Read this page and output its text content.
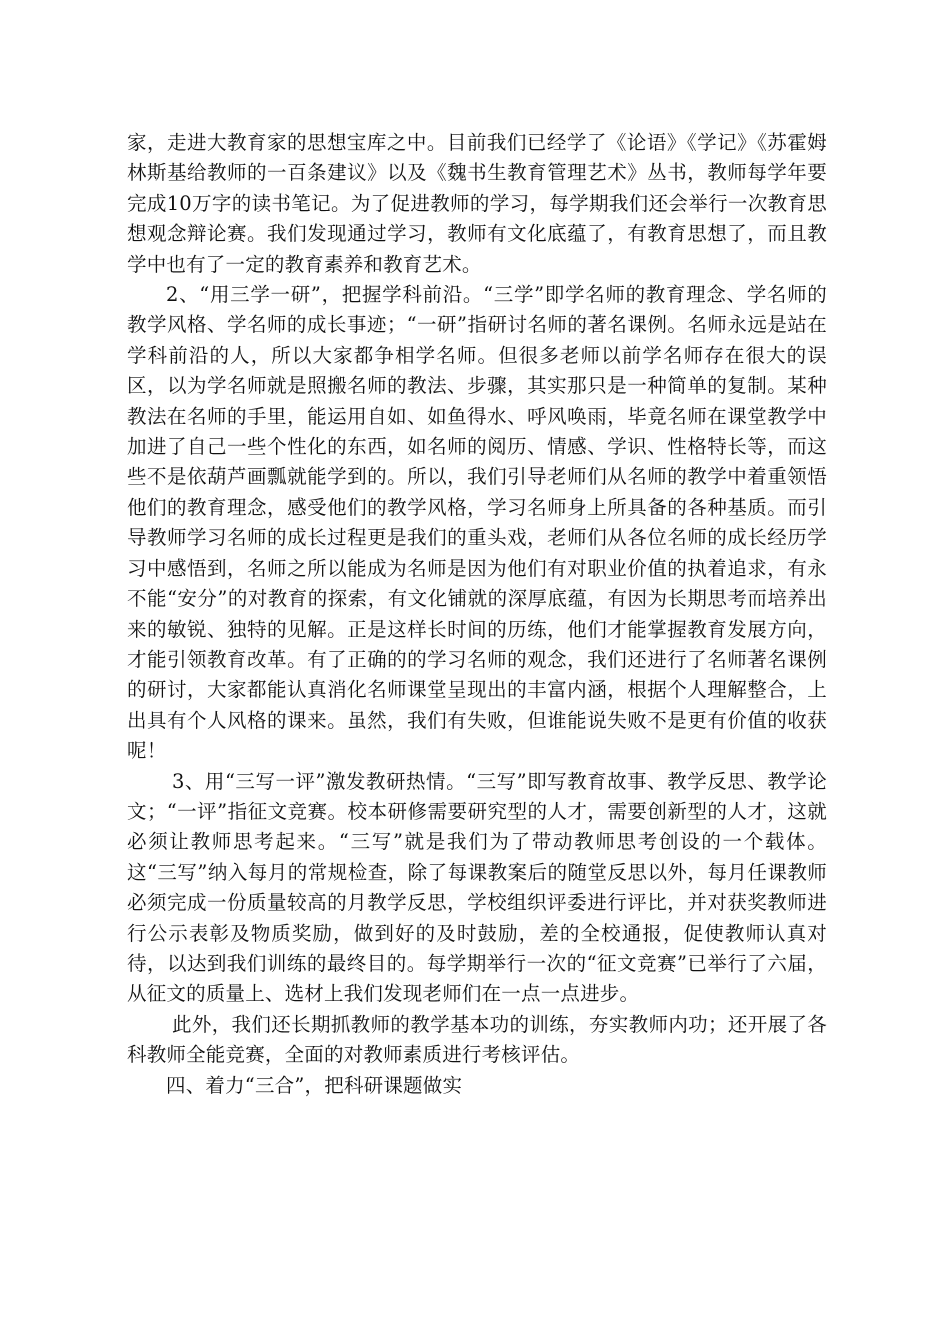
家，走进大教育家的思想宝库之中。目前我们已经学了《论语》《学记》《苏霍姆林斯基给教师的一百条建议》以及《魏书生教育管理艺术》丛书，教师每学年要完成10万字的读书笔记。为了促进教师的学习，每学期我们还会举行一次教育思想观念辩论赛。我们发现通过学习，教师有文化底蕴了，有教育思想了，而且教学中也有了一定的教育素养和教育艺术。

2、“用三学一研”，把握学科前沿。“三学”即学名师的教育理念、学名师的教学风格、学名师的成长事迹；“一研”指研讨名师的著名课例。名师永远是站在学科前沿的人，所以大家都争相学名师。但很多老师以前学名师存在很大的误区，以为学名师就是照搬名师的教法、步骤，其实那只是一种简单的复制。某种教法在名师的手里，能运用自如、如鱼得水、呼风唤雨，毕竟名师在课堂教学中加进了自己一些个性化的东西，如名师的阅历、情感、学识、性格特长等，而这些不是依葫芦画瓢就能学到的。所以，我们引导老师们从名师的教学中着重领悟他们的教育理念，感受他们的教学风格，学习名师身上所具备的各种基质。而引导教师学习名师的成长过程更是我们的重头戏，老师们从各位名师的成长经历学习中感悟到，名师之所以能成为名师是因为他们有对职业价值的执着追求，有永不能“安分”的对教育的探索，有文化铺就的深厚底蕴，有因为长期思考而培养出来的敏锐、独特的见解。正是这样长时间的历练，他们才能掌握教育发展方向，才能引领教育改革。有了正确的的学习名师的观念，我们还进行了名师著名课例的研讨，大家都能认真消化名师课堂呈现出的丰富内涵，根据个人理解整合，上出具有个人风格的课来。虽然，我们有失败，但谁能说失败不是更有价值的收获呢！

3、用“三写一评”激发教研热情。“三写”即写教育故事、教学反思、教学论文；“一评”指征文竞赛。校本研修需要研究型的人才，需要创新型的人才，这就必须让教师思考起来。“三写”就是我们为了带动教师思考创设的一个载体。这“三写”纳入每月的常规检查，除了每课教案后的随堂反思以外，每月任课教师必须完成一份质量较高的月教学反思，学校组织评委进行评比，并对获奖教师进行公示表彰及物质奖励，做到好的及时鼓励，差的全校通报，促使教师认真对待，以达到我们训练的最终目的。每学期举行一次的“征文竞赛”已举行了六届，从征文的质量上、选材上我们发现老师们在一点一点进步。

此外，我们还长期抓教师的教学基本功的训练，夯实教师内功；还开展了各科教师全能竞赛，全面的对教师素质进行考核评估。

四、着力“三合”，把科研课题做实
